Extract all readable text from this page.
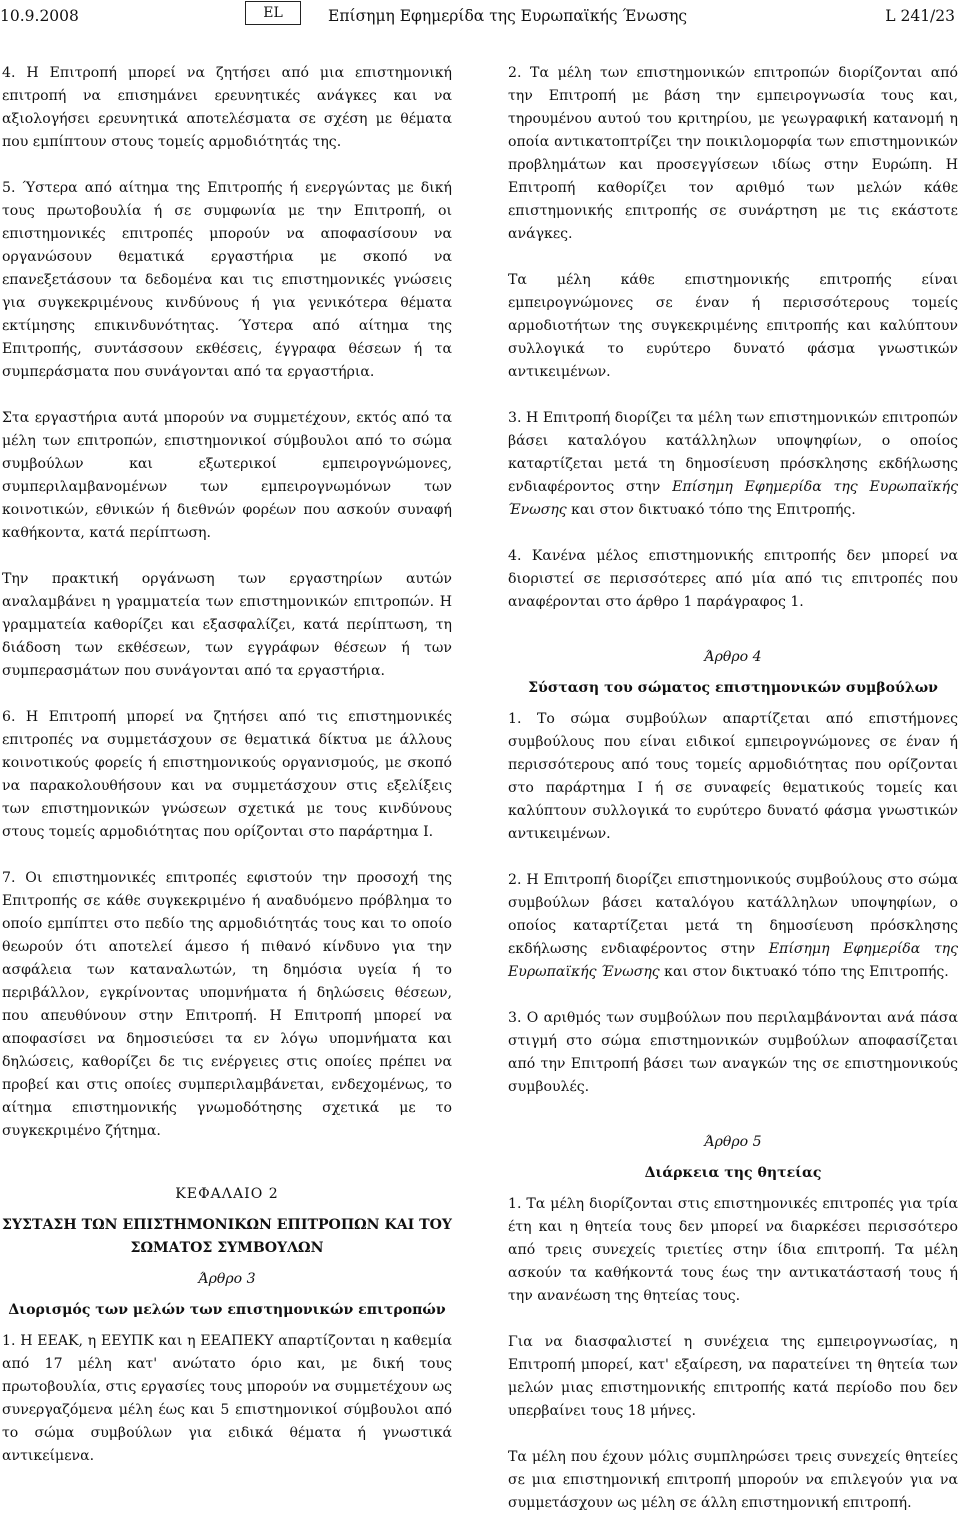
10.9.2008	EL	Επίσημη Εφημερίδα της Ευρωπαϊκής Ένωσης	L 241/23

4. Η Επιτροπή μπορεί να ζητήσει από μια επιστημονική επιτροπή να επισημάνει ερευνητικές ανάγκες και να αξιολογήσει ερευνητικά αποτελέσματα σε σχέση με θέματα που εμπίπτουν στους τομείς αρμοδιότητάς της.

5. Ύστερα από αίτημα της Επιτροπής ή ενεργώντας με δική τους πρωτοβουλία ή σε συμφωνία με την Επιτροπή, οι επιστημονικές επιτροπές μπορούν να αποφασίσουν να οργανώσουν θεματικά εργαστήρια με σκοπό να επανεξετάσουν τα δεδομένα και τις επιστημονικές γνώσεις για συγκεκριμένους κινδύνους ή για γενικότερα θέματα εκτίμησης επικινδυνότητας. Ύστερα από αίτημα της Επιτροπής, συντάσσουν εκθέσεις, έγγραφα θέσεων ή τα συμπεράσματα που συνάγονται από τα εργαστήρια.

Στα εργαστήρια αυτά μπορούν να συμμετέχουν, εκτός από τα μέλη των επιτροπών, επιστημονικοί σύμβουλοι από το σώμα συμβούλων και εξωτερικοί εμπειρογνώμονες, συμπεριλαμβανομένων των εμπειρογνωμόνων των κοινοτικών, εθνικών ή διεθνών φορέων που ασκούν συναφή καθήκοντα, κατά περίπτωση.

Την πρακτική οργάνωση των εργαστηρίων αυτών αναλαμβάνει η γραμματεία των επιστημονικών επιτροπών. Η γραμματεία καθορίζει και εξασφαλίζει, κατά περίπτωση, τη διάδοση των εκθέσεων, των εγγράφων θέσεων ή των συμπερασμάτων που συνάγονται από τα εργαστήρια.

6. Η Επιτροπή μπορεί να ζητήσει από τις επιστημονικές επιτροπές να συμμετάσχουν σε θεματικά δίκτυα με άλλους κοινοτικούς φορείς ή επιστημονικούς οργανισμούς, με σκοπό να παρακολουθήσουν και να συμμετάσχουν στις εξελίξεις των επιστημονικών γνώσεων σχετικά με τους κινδύνους στους τομείς αρμοδιότητας που ορίζονται στο παράρτημα Ι.

7. Οι επιστημονικές επιτροπές εφιστούν την προσοχή της Επιτροπής σε κάθε συγκεκριμένο ή αναδυόμενο πρόβλημα το οποίο εμπίπτει στο πεδίο της αρμοδιότητάς τους και το οποίο θεωρούν ότι αποτελεί άμεσο ή πιθανό κίνδυνο για την ασφάλεια των καταναλωτών, τη δημόσια υγεία ή το περιβάλλον, εγκρίνοντας υπομνήματα ή δηλώσεις θέσεων, που απευθύνουν στην Επιτροπή. Η Επιτροπή μπορεί να αποφασίσει να δημοσιεύσει τα εν λόγω υπομνήματα και δηλώσεις, καθορίζει δε τις ενέργειες στις οποίες πρέπει να προβεί και στις οποίες συμπεριλαμβάνεται, ενδεχομένως, το αίτημα επιστημονικής γνωμοδότησης σχετικά με το συγκεκριμένο ζήτημα.

ΚΕΦΑΛΑΙΟ 2

ΣΥΣΤΑΣΗ ΤΩΝ ΕΠΙΣΤΗΜΟΝΙΚΩΝ ΕΠΙΤΡΟΠΩΝ ΚΑΙ ΤΟΥ

ΣΩΜΑΤΟΣ ΣΥΜΒΟΥΛΩΝ

Άρθρο 3

Διορισμός των μελών των επιστημονικών επιτροπών

1. Η ΕΕΑΚ, η ΕΕΥΠΚ και η ΕΕΑΠΕΚΥ απαρτίζονται η καθεμία από 17 μέλη κατ' ανώτατο όριο και, με δική τους πρωτοβουλία, στις εργασίες τους μπορούν να συμμετέχουν ως συνεργαζόμενα μέλη έως και 5 επιστημονικοί σύμβουλοι από το σώμα συμβούλων για ειδικά θέματα ή γνωστικά αντικείμενα.

2. Τα μέλη των επιστημονικών επιτροπών διορίζονται από την Επιτροπή με βάση την εμπειρογνωσία τους και, τηρουμένου αυτού του κριτηρίου, με γεωγραφική κατανομή η οποία αντικατοπτρίζει την ποικιλομορφία των επιστημονικών προβλημάτων και προσεγγίσεων ιδίως στην Ευρώπη. Η Επιτροπή καθορίζει τον αριθμό των μελών κάθε επιστημονικής επιτροπής σε συνάρτηση με τις εκάστοτε ανάγκες.

Τα μέλη κάθε επιστημονικής επιτροπής είναι εμπειρογνώμονες σε έναν ή περισσότερους τομείς αρμοδιοτήτων της συγκεκριμένης επιτροπής και καλύπτουν συλλογικά το ευρύτερο δυνατό φάσμα γνωστικών αντικειμένων.

3. Η Επιτροπή διορίζει τα μέλη των επιστημονικών επιτροπών βάσει καταλόγου κατάλληλων υποψηφίων, ο οποίος καταρτίζεται μετά τη δημοσίευση πρόσκλησης εκδήλωσης ενδιαφέροντος στην Επίσημη Εφημερίδα της Ευρωπαϊκής Ένωσης και στον δικτυακό τόπο της Επιτροπής.

4. Κανένα μέλος επιστημονικής επιτροπής δεν μπορεί να διοριστεί σε περισσότερες από μία από τις επιτροπές που αναφέρονται στο άρθρο 1 παράγραφος 1.

Άρθρο 4

Σύσταση του σώματος επιστημονικών συμβούλων

1. Το σώμα συμβούλων απαρτίζεται από επιστήμονες συμβούλους που είναι ειδικοί εμπειρογνώμονες σε έναν ή περισσότερους από τους τομείς αρμοδιότητας που ορίζονται στο παράρτημα Ι ή σε συναφείς θεματικούς τομείς και καλύπτουν συλλογικά το ευρύτερο δυνατό φάσμα γνωστικών αντικειμένων.

2. Η Επιτροπή διορίζει επιστημονικούς συμβούλους στο σώμα συμβούλων βάσει καταλόγου κατάλληλων υποψηφίων, ο οποίος καταρτίζεται μετά τη δημοσίευση πρόσκλησης εκδήλωσης ενδιαφέροντος στην Επίσημη Εφημερίδα της Ευρωπαϊκής Ένωσης και στον δικτυακό τόπο της Επιτροπής.

3. Ο αριθμός των συμβούλων που περιλαμβάνονται ανά πάσα στιγμή στο σώμα επιστημονικών συμβούλων αποφασίζεται από την Επιτροπή βάσει των αναγκών της σε επιστημονικούς συμβουλές.

Άρθρο 5

Διάρκεια της θητείας

1. Τα μέλη διορίζονται στις επιστημονικές επιτροπές για τρία έτη και η θητεία τους δεν μπορεί να διαρκέσει περισσότερο από τρεις συνεχείς τριετίες στην ίδια επιτροπή. Τα μέλη ασκούν τα καθήκοντά τους έως την αντικατάστασή τους ή την ανανέωση της θητείας τους.

Για να διασφαλιστεί η συνέχεια της εμπειρογνωσίας, η Επιτροπή μπορεί, κατ' εξαίρεση, να παρατείνει τη θητεία των μελών μιας επιστημονικής επιτροπής κατά περίοδο που δεν υπερβαίνει τους 18 μήνες.

Τα μέλη που έχουν μόλις συμπληρώσει τρεις συνεχείς θητείες σε μια επιστημονική επιτροπή μπορούν να επιλεγούν για να συμμετάσχουν ως μέλη σε άλλη επιστημονική επιτροπή.
